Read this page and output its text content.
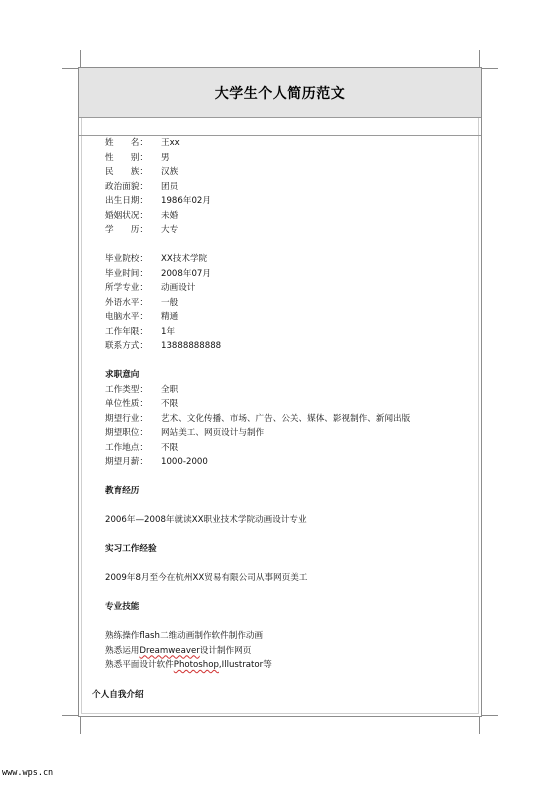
大学生个人简历范文
姓　　名：	王xx
性　　别：	男
民　　族：	汉族
政治面貌：	团员
出生日期：	1986年02月
婚姻状况：	未婚
学　　历：	大专
毕业院校：	XX技术学院
毕业时间：	2008年07月
所学专业：	动画设计
外语水平：	一般
电脑水平：	精通
工作年限：	1年
联系方式：	13888888888
求职意向
工作类型：	全职
单位性质：	不限
期望行业：	艺术、文化传播、市场、广告、公关、媒体、影视制作、新闻出版
期望职位：	网站美工、网页设计与制作
工作地点：	不限
期望月薪：	1000-2000
教育经历
2006年—2008年就读XX职业技术学院动画设计专业
实习工作经验
2009年8月至今在杭州XX贸易有限公司从事网页美工
专业技能
熟练操作flash二维动画制作软件制作动画
熟悉运用Dreamweaver设计制作网页
熟悉平面设计软件Photoshop,Illustrator等
个人自我介绍
www.wps.cn
